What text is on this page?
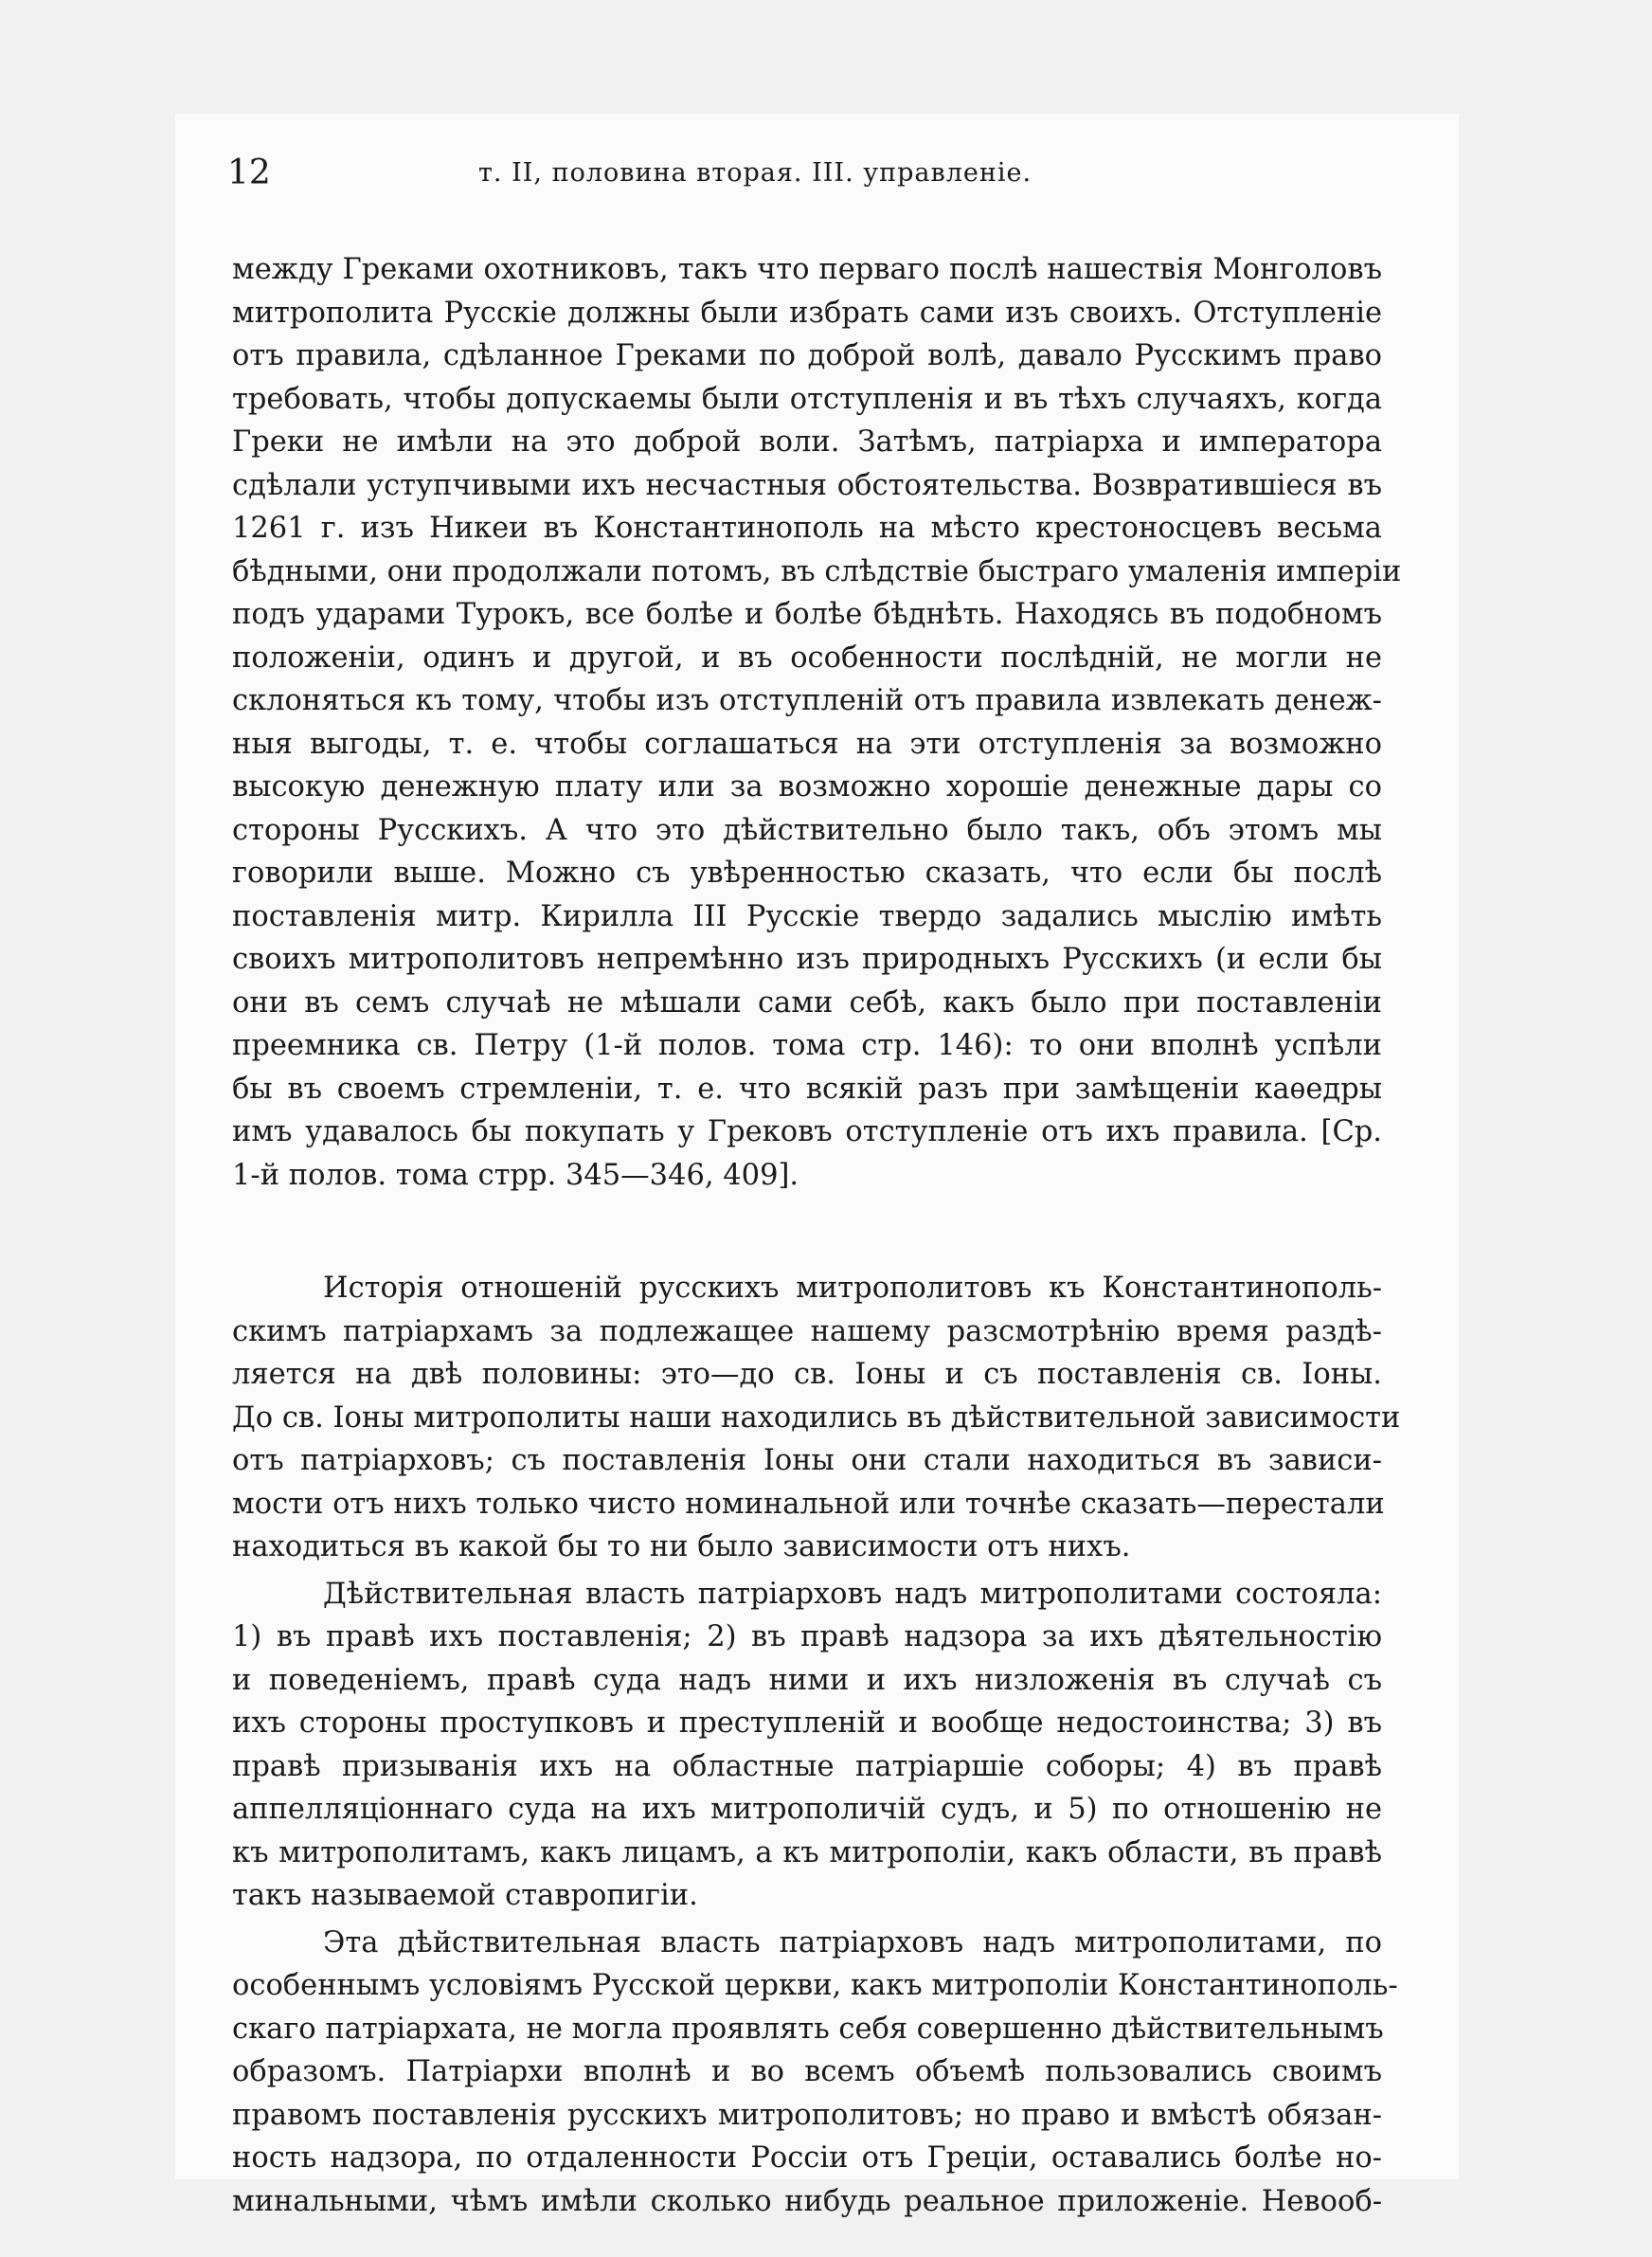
12	т. II, половина вторая. III. управленіе.
между Греками охотниковъ, такъ что перваго послѣ нашествія Монголовъ
митрополита Русскіе должны были избрать сами изъ своихъ. Отступленіе
отъ правила, сдѣланное Греками по доброй волѣ, давало Русскимъ право
требовать, чтобы допускаемы были отступленія и въ тѣхъ случаяхъ, когда
Греки не имѣли на это доброй воли. Затѣмъ, патріарха и императора
сдѣлали уступчивыми ихъ несчастныя обстоятельства. Возвратившіеся въ
1261 г. изъ Никеи въ Константинополь на мѣсто крестоносцевъ весьма
бѣдными, они продолжали потомъ, въ слѣдствіе быстраго умаленія имперіи
подъ ударами Турокъ, все болѣе и болѣе бѣднѣть. Находясь въ подобномъ
положеніи, одинъ и другой, и въ особенности послѣдній, не могли не
склоняться къ тому, чтобы изъ отступленій отъ правила извлекать денеж-
ныя выгоды, т. е. чтобы соглашаться на эти отступленія за возможно
высокую денежную плату или за возможно хорошіе денежные дары со
стороны Русскихъ. А что это дѣйствительно было такъ, объ этомъ мы
говорили выше. Можно съ увѣренностью сказать, что если бы послѣ
поставленія митр. Кирилла III Русскіе твердо задались мыслію имѣть
своихъ митрополитовъ непремѣнно изъ природныхъ Русскихъ (и если бы
они въ семъ случаѣ не мѣшали сами себѣ, какъ было при поставленіи
преемника св. Петру (1-й полов. тома стр. 146): то они вполнѣ успѣли
бы въ своемъ стремленіи, т. е. что всякій разъ при замѣщеніи каѳедры
имъ удавалось бы покупать у Грековъ отступленіе отъ ихъ правила. [Ср.
1-й полов. тома стрр. 345—346, 409].
Исторія отношеній русскихъ митрополитовъ къ Константинополь-
скимъ патріархамъ за подлежащее нашему разсмотрѣнію время раздѣ-
ляется на двѣ половины: это—до св. Іоны и съ поставленія св. Іоны.
До св. Іоны митрополиты наши находились въ дѣйствительной зависимости
отъ патріарховъ; съ поставленія Іоны они стали находиться въ зависи-
мости отъ нихъ только чисто номинальной или точнѣе сказать—перестали
находиться въ какой бы то ни было зависимости отъ нихъ.
Дѣйствительная власть патріарховъ надъ митрополитами состояла:
1) въ правѣ ихъ поставленія; 2) въ правѣ надзора за ихъ дѣятельностію
и поведеніемъ, правѣ суда надъ ними и ихъ низложенія въ случаѣ съ
ихъ стороны проступковъ и преступленій и вообще недостоинства; 3) въ
правѣ призыванія ихъ на областные патріаршіе соборы; 4) въ правѣ
аппелляціоннаго суда на ихъ митрополичій судъ, и 5) по отношенію не
къ митрополитамъ, какъ лицамъ, а къ митрополіи, какъ области, въ правѣ
такъ называемой ставропигіи.
Эта дѣйствительная власть патріарховъ надъ митрополитами, по
особеннымъ условіямъ Русской церкви, какъ митрополіи Константинополь-
скаго патріархата, не могла проявлять себя совершенно дѣйствительнымъ
образомъ. Патріархи вполнѣ и во всемъ объемѣ пользовались своимъ
правомъ поставленія русскихъ митрополитовъ; но право и вмѣстѣ обязан-
ность надзора, по отдаленности Россіи отъ Греціи, оставались болѣе но-
минальными, чѣмъ имѣли сколько нибудь реальное приложеніе. Невооб-
